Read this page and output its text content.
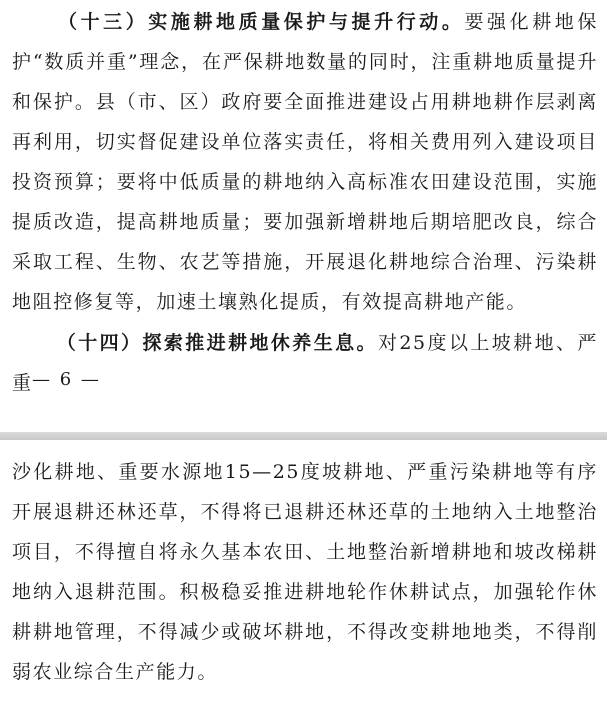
（十三）实施耕地质量保护与提升行动。要强化耕地保护“数质并重”理念，在严保耕地数量的同时，注重耕地质量提升和保护。县（市、区）政府要全面推进建设占用耕地耕作层剥离再利用，切实督促建设单位落实责任，将相关费用列入建设项目投资预算；要将中低质量的耕地纳入高标准农田建设范围，实施提质改造，提高耕地质量；要加强新增耕地后期培肥改良，综合采取工程、生物、农艺等措施，开展退化耕地综合治理、污染耕地阻控修复等，加速土壤熟化提质，有效提高耕地产能。

（十四）探索推进耕地休养生息。对25度以上坡耕地、严重 — 6 —

沙化耕地、重要水源地15—25度坡耕地、严重污染耕地等有序开展退耕还林还草，不得将已退耕还林还草的土地纳入土地整治项目，不得擅自将永久基本农田、土地整治新增耕地和坡改梯耕地纳入退耕范围。积极稳妥推进耕地轮作休耕试点，加强轮作休耕耕地管理，不得减少或破坏耕地，不得改变耕地地类，不得削弱农业综合生产能力。
